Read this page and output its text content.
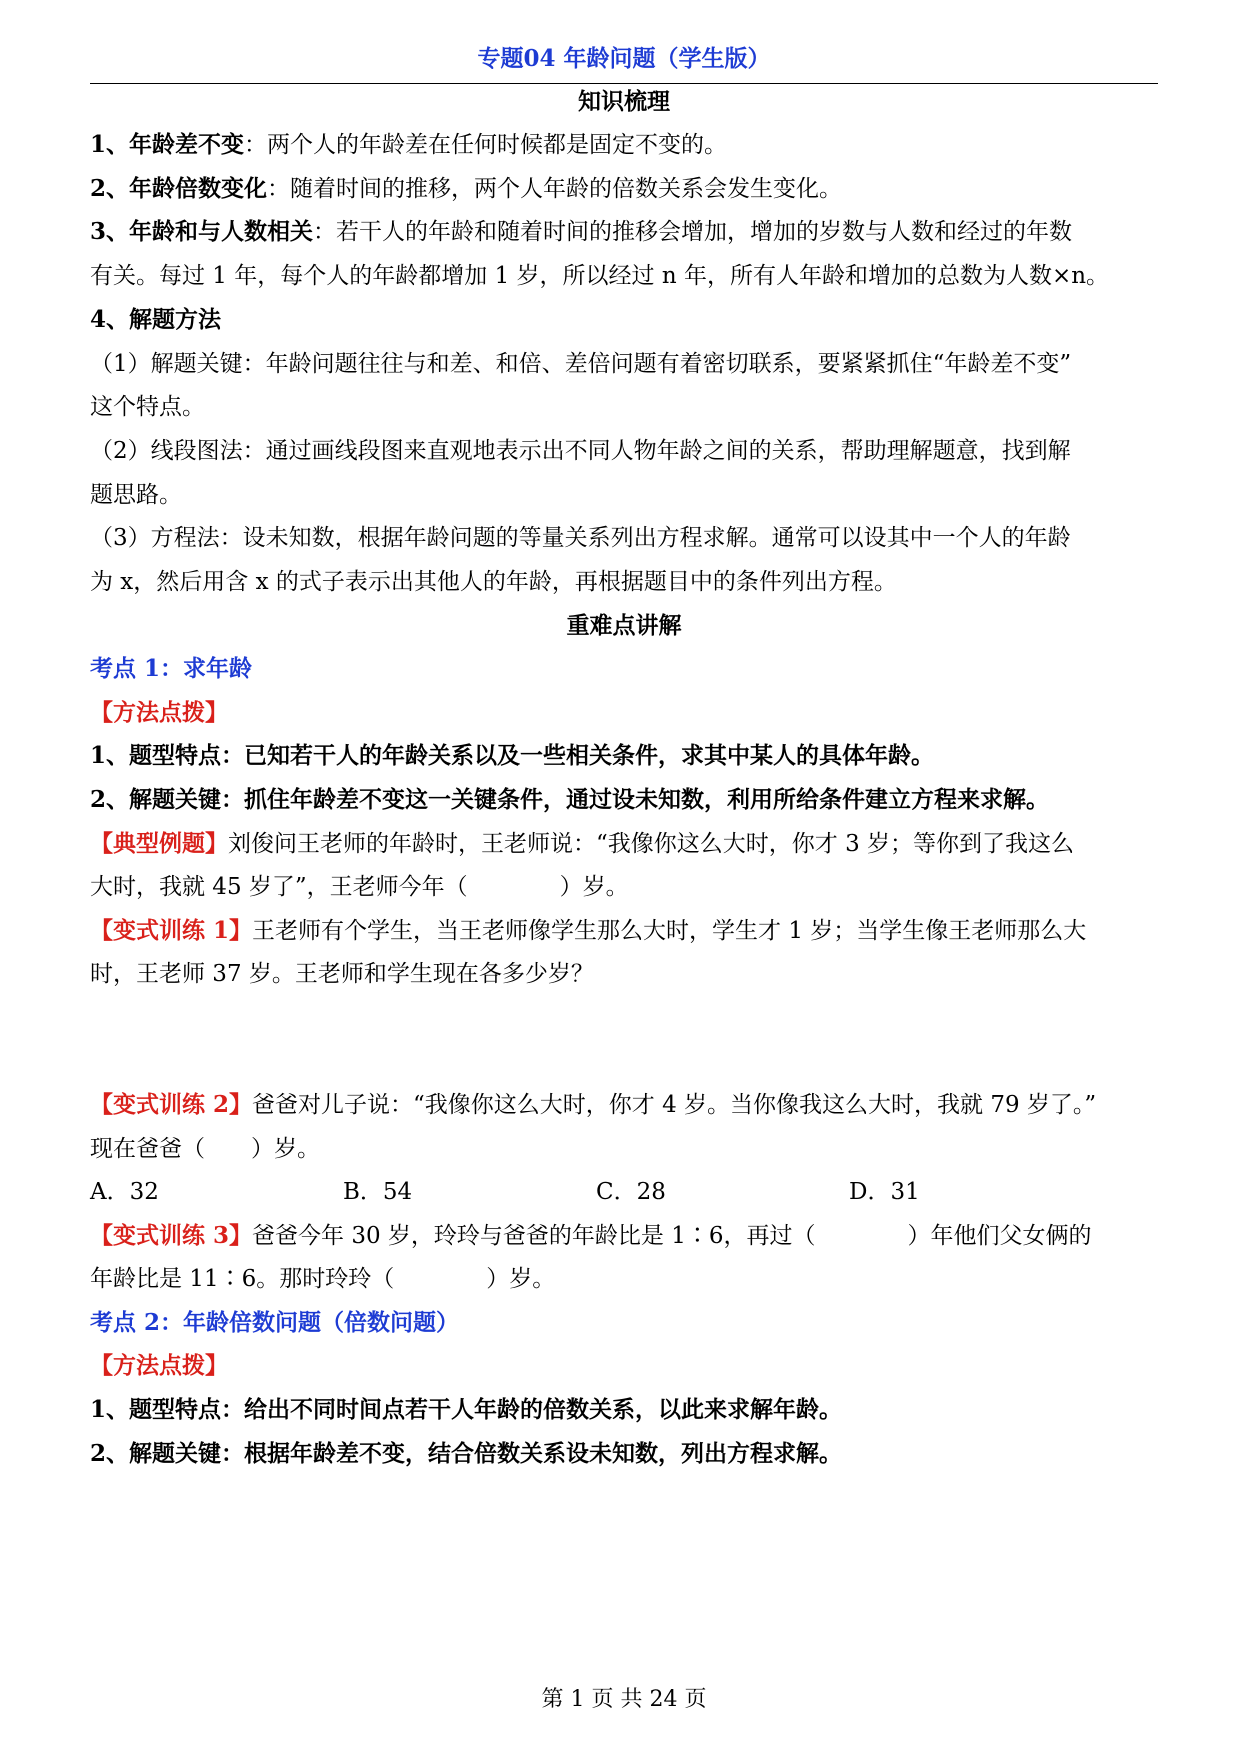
专题04 年龄问题（学生版）
知识梳理
1、年龄差不变：两个人的年龄差在任何时候都是固定不变的。
2、年龄倍数变化：随着时间的推移，两个人年龄的倍数关系会发生变化。
3、年龄和与人数相关：若干人的年龄和随着时间的推移会增加，增加的岁数与人数和经过的年数
有关。每过 1 年，每个人的年龄都增加 1 岁，所以经过 n 年，所有人年龄和增加的总数为人数×n。
4、解题方法
（1）解题关键：年龄问题往往与和差、和倍、差倍问题有着密切联系，要紧紧抓住“年龄差不变”
这个特点。
（2）线段图法：通过画线段图来直观地表示出不同人物年龄之间的关系，帮助理解题意，找到解
题思路。
（3）方程法：设未知数，根据年龄问题的等量关系列出方程求解。通常可以设其中一个人的年龄
为 x，然后用含 x 的式子表示出其他人的年龄，再根据题目中的条件列出方程。
重难点讲解
考点 1：求年龄
【方法点拨】
1、题型特点：已知若干人的年龄关系以及一些相关条件，求其中某人的具体年龄。
2、解题关键：抓住年龄差不变这一关键条件，通过设未知数，利用所给条件建立方程来求解。
【典型例题】刘俊问王老师的年龄时，王老师说：“我像你这么大时，你才 3 岁；等你到了我这么
大时，我就 45 岁了”，王老师今年（　　　　）岁。
【变式训练 1】王老师有个学生，当王老师像学生那么大时，学生才 1 岁；当学生像王老师那么大
时，王老师 37 岁。王老师和学生现在各多少岁？
【变式训练 2】爸爸对儿子说：“我像你这么大时，你才 4 岁。当你像我这么大时，我就 79 岁了。”
现在爸爸（　　）岁。
A．32	B．54	C．28	D．31
【变式训练 3】爸爸今年 30 岁，玲玲与爸爸的年龄比是 1∶6，再过（　　　　）年他们父女俩的
年龄比是 11∶6。那时玲玲（　　　　）岁。
考点 2：年龄倍数问题（倍数问题）
【方法点拨】
1、题型特点：给出不同时间点若干人年龄的倍数关系，以此来求解年龄。
2、解题关键：根据年龄差不变，结合倍数关系设未知数，列出方程求解。
第 1 页 共 24 页
